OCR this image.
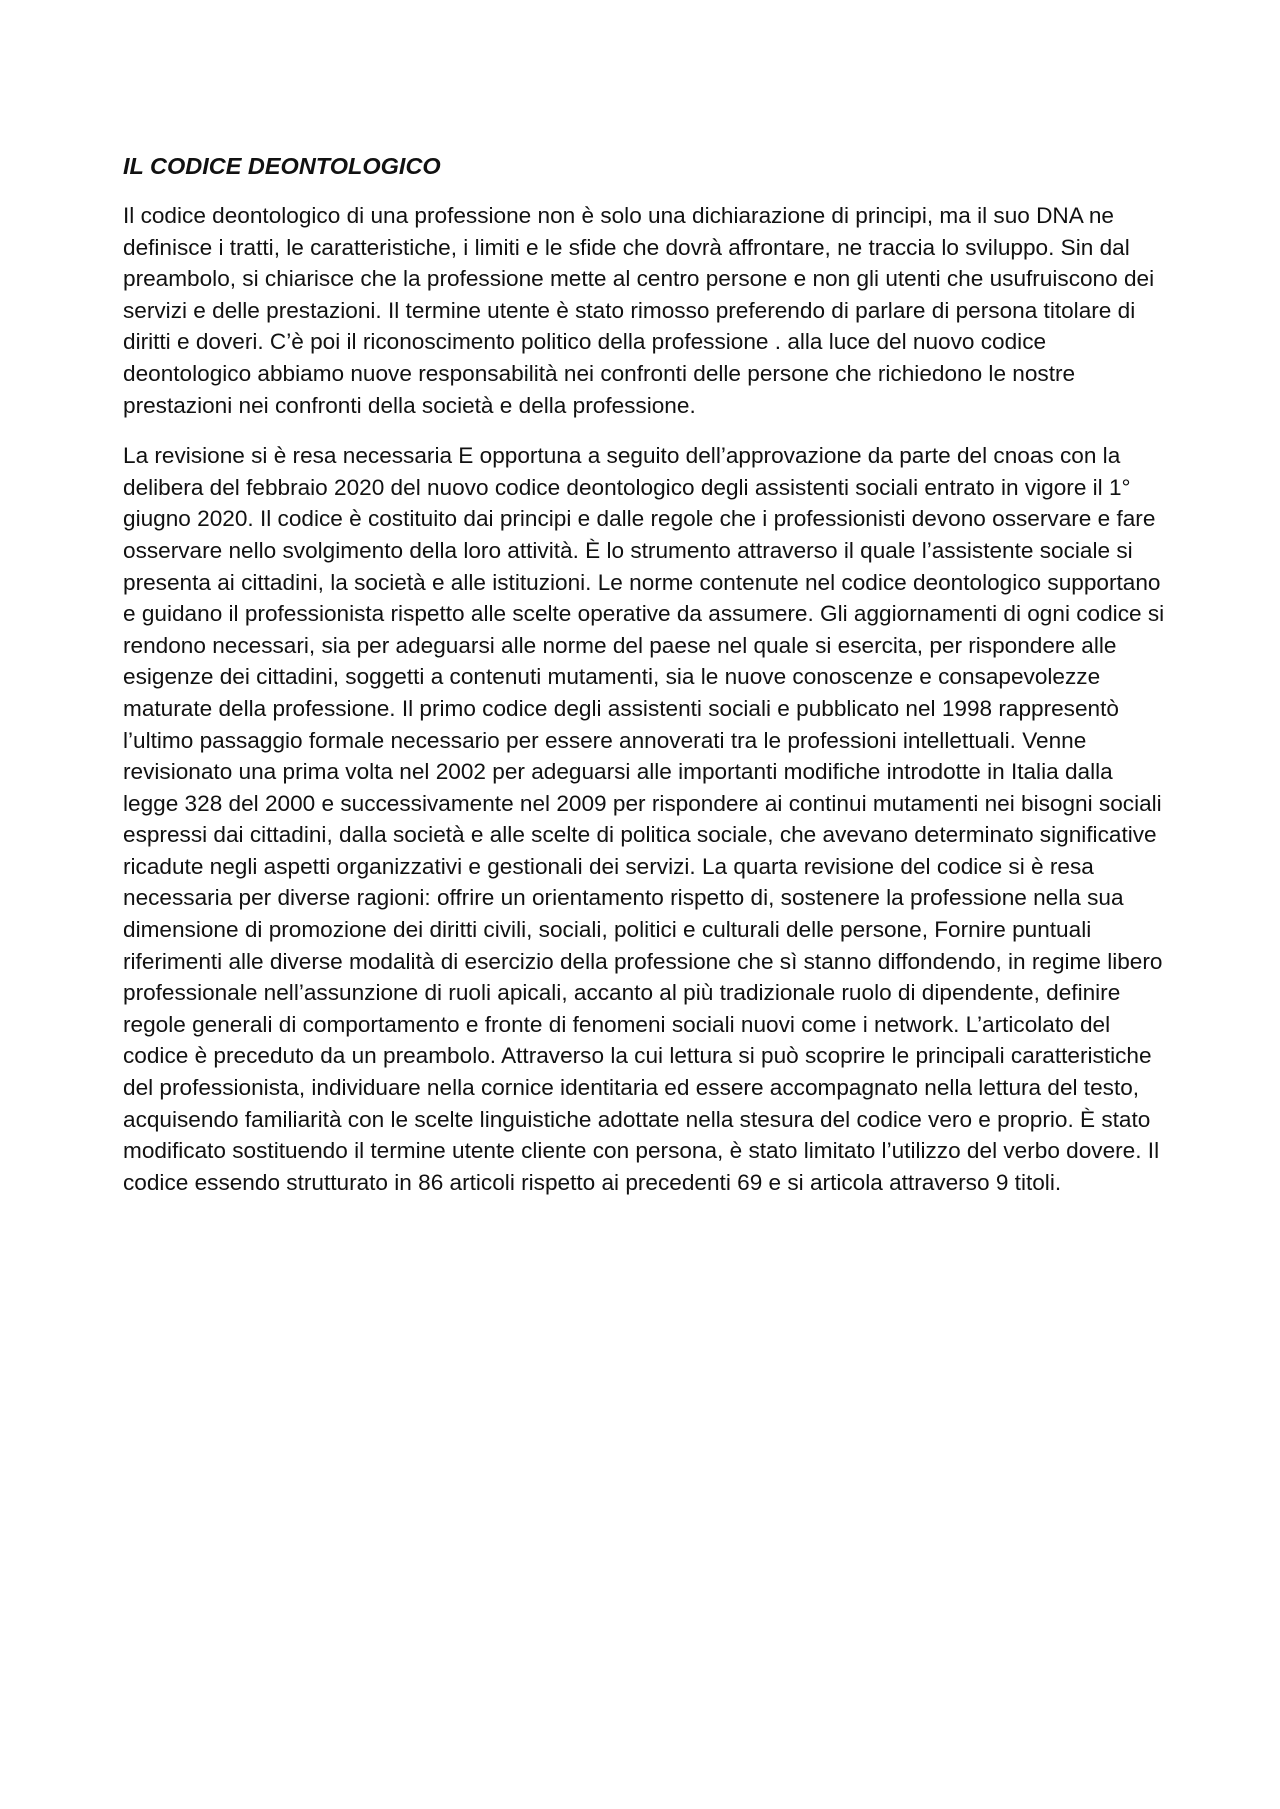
IL CODICE DEONTOLOGICO

Il codice deontologico di una professione non è solo una dichiarazione di principi, ma il suo DNA ne definisce i tratti, le caratteristiche, i limiti e le sfide che dovrà affrontare, ne traccia lo sviluppo. Sin dal preambolo, si chiarisce che la professione mette al centro persone e non gli utenti che usufruiscono dei servizi e delle prestazioni. Il termine utente è stato rimosso preferendo di parlare di persona titolare di diritti e doveri. C’è poi il riconoscimento politico della professione . alla luce del nuovo codice deontologico abbiamo nuove responsabilità nei confronti delle persone che richiedono le nostre prestazioni nei confronti della società e della professione.

La revisione si è resa necessaria E opportuna a seguito dell’approvazione da parte del cnoas con la delibera del febbraio 2020 del nuovo codice deontologico degli assistenti sociali entrato in vigore il 1° giugno 2020. Il codice è costituito dai principi e dalle regole che i professionisti devono osservare e fare osservare nello svolgimento della loro attività. È lo strumento attraverso il quale l’assistente sociale si presenta ai cittadini, la società e alle istituzioni. Le norme contenute nel codice deontologico supportano e guidano il professionista rispetto alle scelte operative da assumere. Gli aggiornamenti di ogni codice si rendono necessari, sia per adeguarsi alle norme del paese nel quale si esercita, per rispondere alle esigenze dei cittadini, soggetti a contenuti mutamenti, sia le nuove conoscenze e consapevolezze maturate della professione. Il primo codice degli assistenti sociali e pubblicato nel 1998 rappresentò l’ultimo passaggio formale necessario per essere annoverati tra le professioni intellettuali. Venne revisionato una prima volta nel 2002 per adeguarsi alle importanti modifiche introdotte in Italia dalla legge 328 del 2000 e successivamente nel 2009 per rispondere ai continui mutamenti nei bisogni sociali espressi dai cittadini, dalla società e alle scelte di politica sociale, che avevano determinato significative ricadute negli aspetti organizzativi e gestionali dei servizi. La quarta revisione del codice si è resa necessaria per diverse ragioni: offrire un orientamento rispetto di, sostenere la professione nella sua dimensione di promozione dei diritti civili, sociali, politici e culturali delle persone, Fornire puntuali riferimenti alle diverse modalità di esercizio della professione che sì stanno diffondendo, in regime libero professionale nell’assunzione di ruoli apicali, accanto al più tradizionale ruolo di dipendente, definire regole generali di comportamento e fronte di fenomeni sociali nuovi come i network. L’articolato del codice è preceduto da un preambolo. Attraverso la cui lettura si può scoprire le principali caratteristiche del professionista, individuare nella cornice identitaria ed essere accompagnato nella lettura del testo, acquisendo familiarità con le scelte linguistiche adottate nella stesura del codice vero e proprio. È stato modificato sostituendo il termine utente cliente con persona, è stato limitato l’utilizzo del verbo dovere. Il codice essendo strutturato in 86 articoli rispetto ai precedenti 69 e si articola attraverso 9 titoli.
